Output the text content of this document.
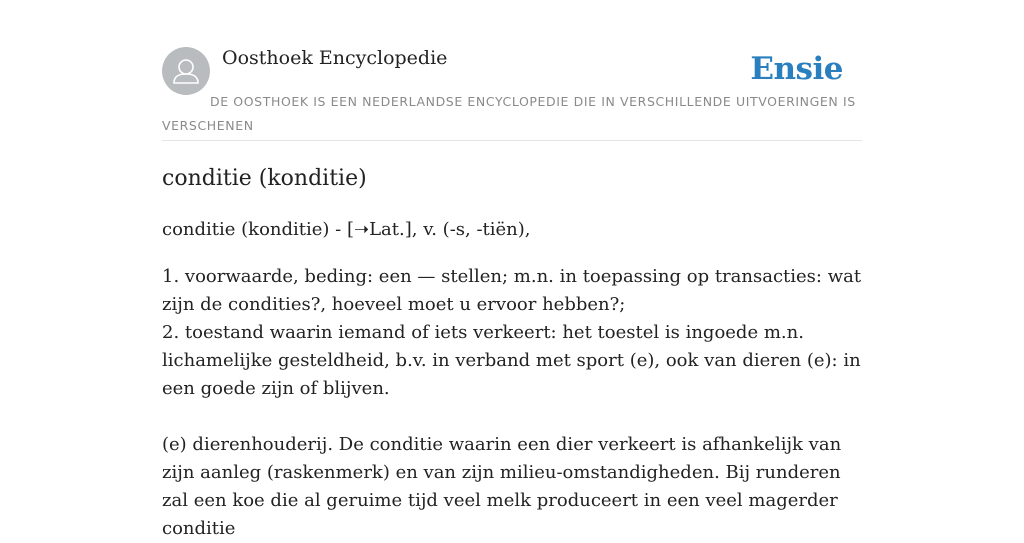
Oosthoek Encyclopedie	Ensie
DE OOSTHOEK IS EEN NEDERLANDSE ENCYCLOPEDIE DIE IN VERSCHILLENDE UITVOERINGEN IS VERSCHENEN
conditie (konditie)

conditie (konditie) - [➝Lat.], v. (-s, -tiën),

1. voorwaarde, beding: een — stellen; m.n. in toepassing op transacties: wat zijn de condities?, hoeveel moet u ervoor hebben?;

2. toestand waarin iemand of iets verkeert: het toestel is ingoede m.n. lichamelijke gesteldheid, b.v. in verband met sport (e), ook van dieren (e): in een goede zijn of blijven.

(e) dierenhouderij. De conditie waarin een dier verkeert is afhankelijk van zijn aanleg (raskenmerk) en van zijn milieu-omstandigheden. Bij runderen zal een koe die al geruime tijd veel melk produceert in een veel magerder conditie
